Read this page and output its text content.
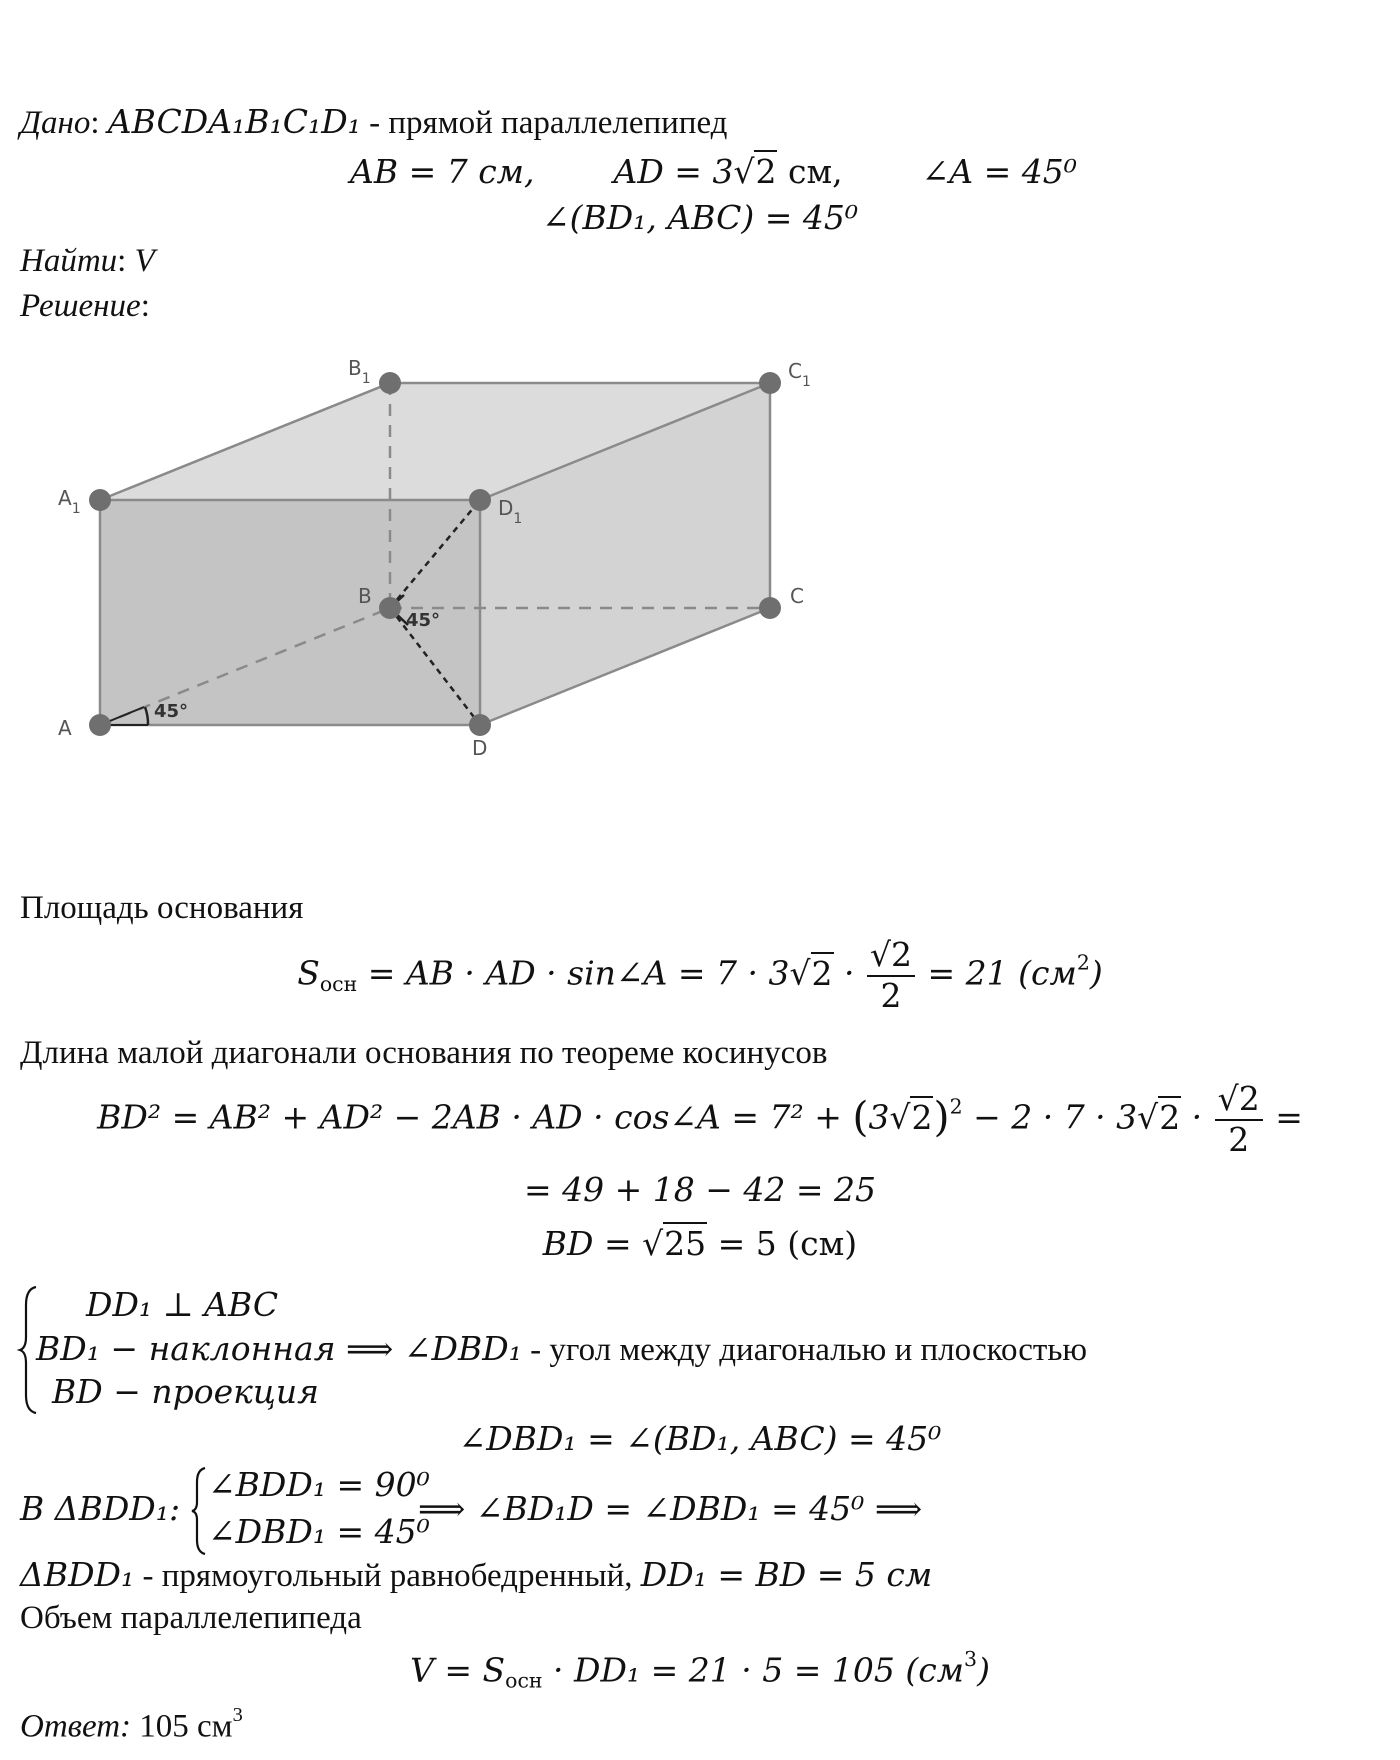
Дано: ABCDA₁B₁C₁D₁ - прямой параллелепипед
AB = 7 см, AD = 3√2 см, ∠A = 45⁰
∠(BD₁, ABC) = 45⁰
Найти: V
Решение:
45°
45°
$A_1$
$B_1$	$C_1$
$D_1$
A
B	C
D
Площадь основания
$S_{осн}$ = AB · AD · sin∠A = $7 \cdot 3√2 \cdot \frac{√2}{2} = 21$ $(см^2)$
Длина малой диагонали основания по теореме косинусов
BD² = AB² + AD² − 2AB · AD · cos∠A = $7^2 + (3√2)^2 - 2 \cdot 7 \cdot 3√2 \cdot \frac{√2}{2}$ =
= 49 + 18 − 42 = 25
BD = √25 = 5 (см)
DD₁ ⊥ ABC
BD₁ − наклонная ⟹ ∠DBD₁ - угол между диагональю и плоскостью
BD − проекция
∠DBD₁ = ∠(BD₁, ABC) = 45⁰
В ΔBDD₁:
∠BDD₁ = 90⁰
∠DBD₁ = 45⁰
⟹ ∠BD₁D = ∠DBD₁ = 45⁰ ⟹
ΔBDD₁ - прямоугольный равнобедренный, DD₁ = BD = 5 см
Объем параллелепипеда
$V = S_{осн} \cdot DD_1 = 21 \cdot 5 = 105$ $(см^3)$
Ответ: 105 $см^3$
